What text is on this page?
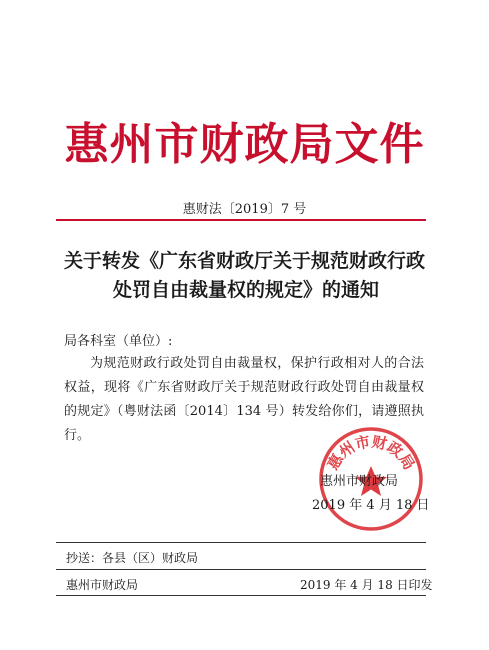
惠州市财政局文件
惠财法〔2019〕7 号
关于转发《广东省财政厅关于规范财政行政
处罚自由裁量权的规定》的通知
局各科室（单位）:
为规范财政行政处罚自由裁量权，保护行政相对人的合法权益，现将《广东省财政厅关于规范财政行政处罚自由裁量权的规定》（粤财法函〔2014〕134 号）转发给你们，请遵照执行。
惠州市财政局
惠州市财政局
2019 年 4 月 18 日
抄送：各县（区）财政局
惠州市财政局	2019 年 4 月 18 日印发
